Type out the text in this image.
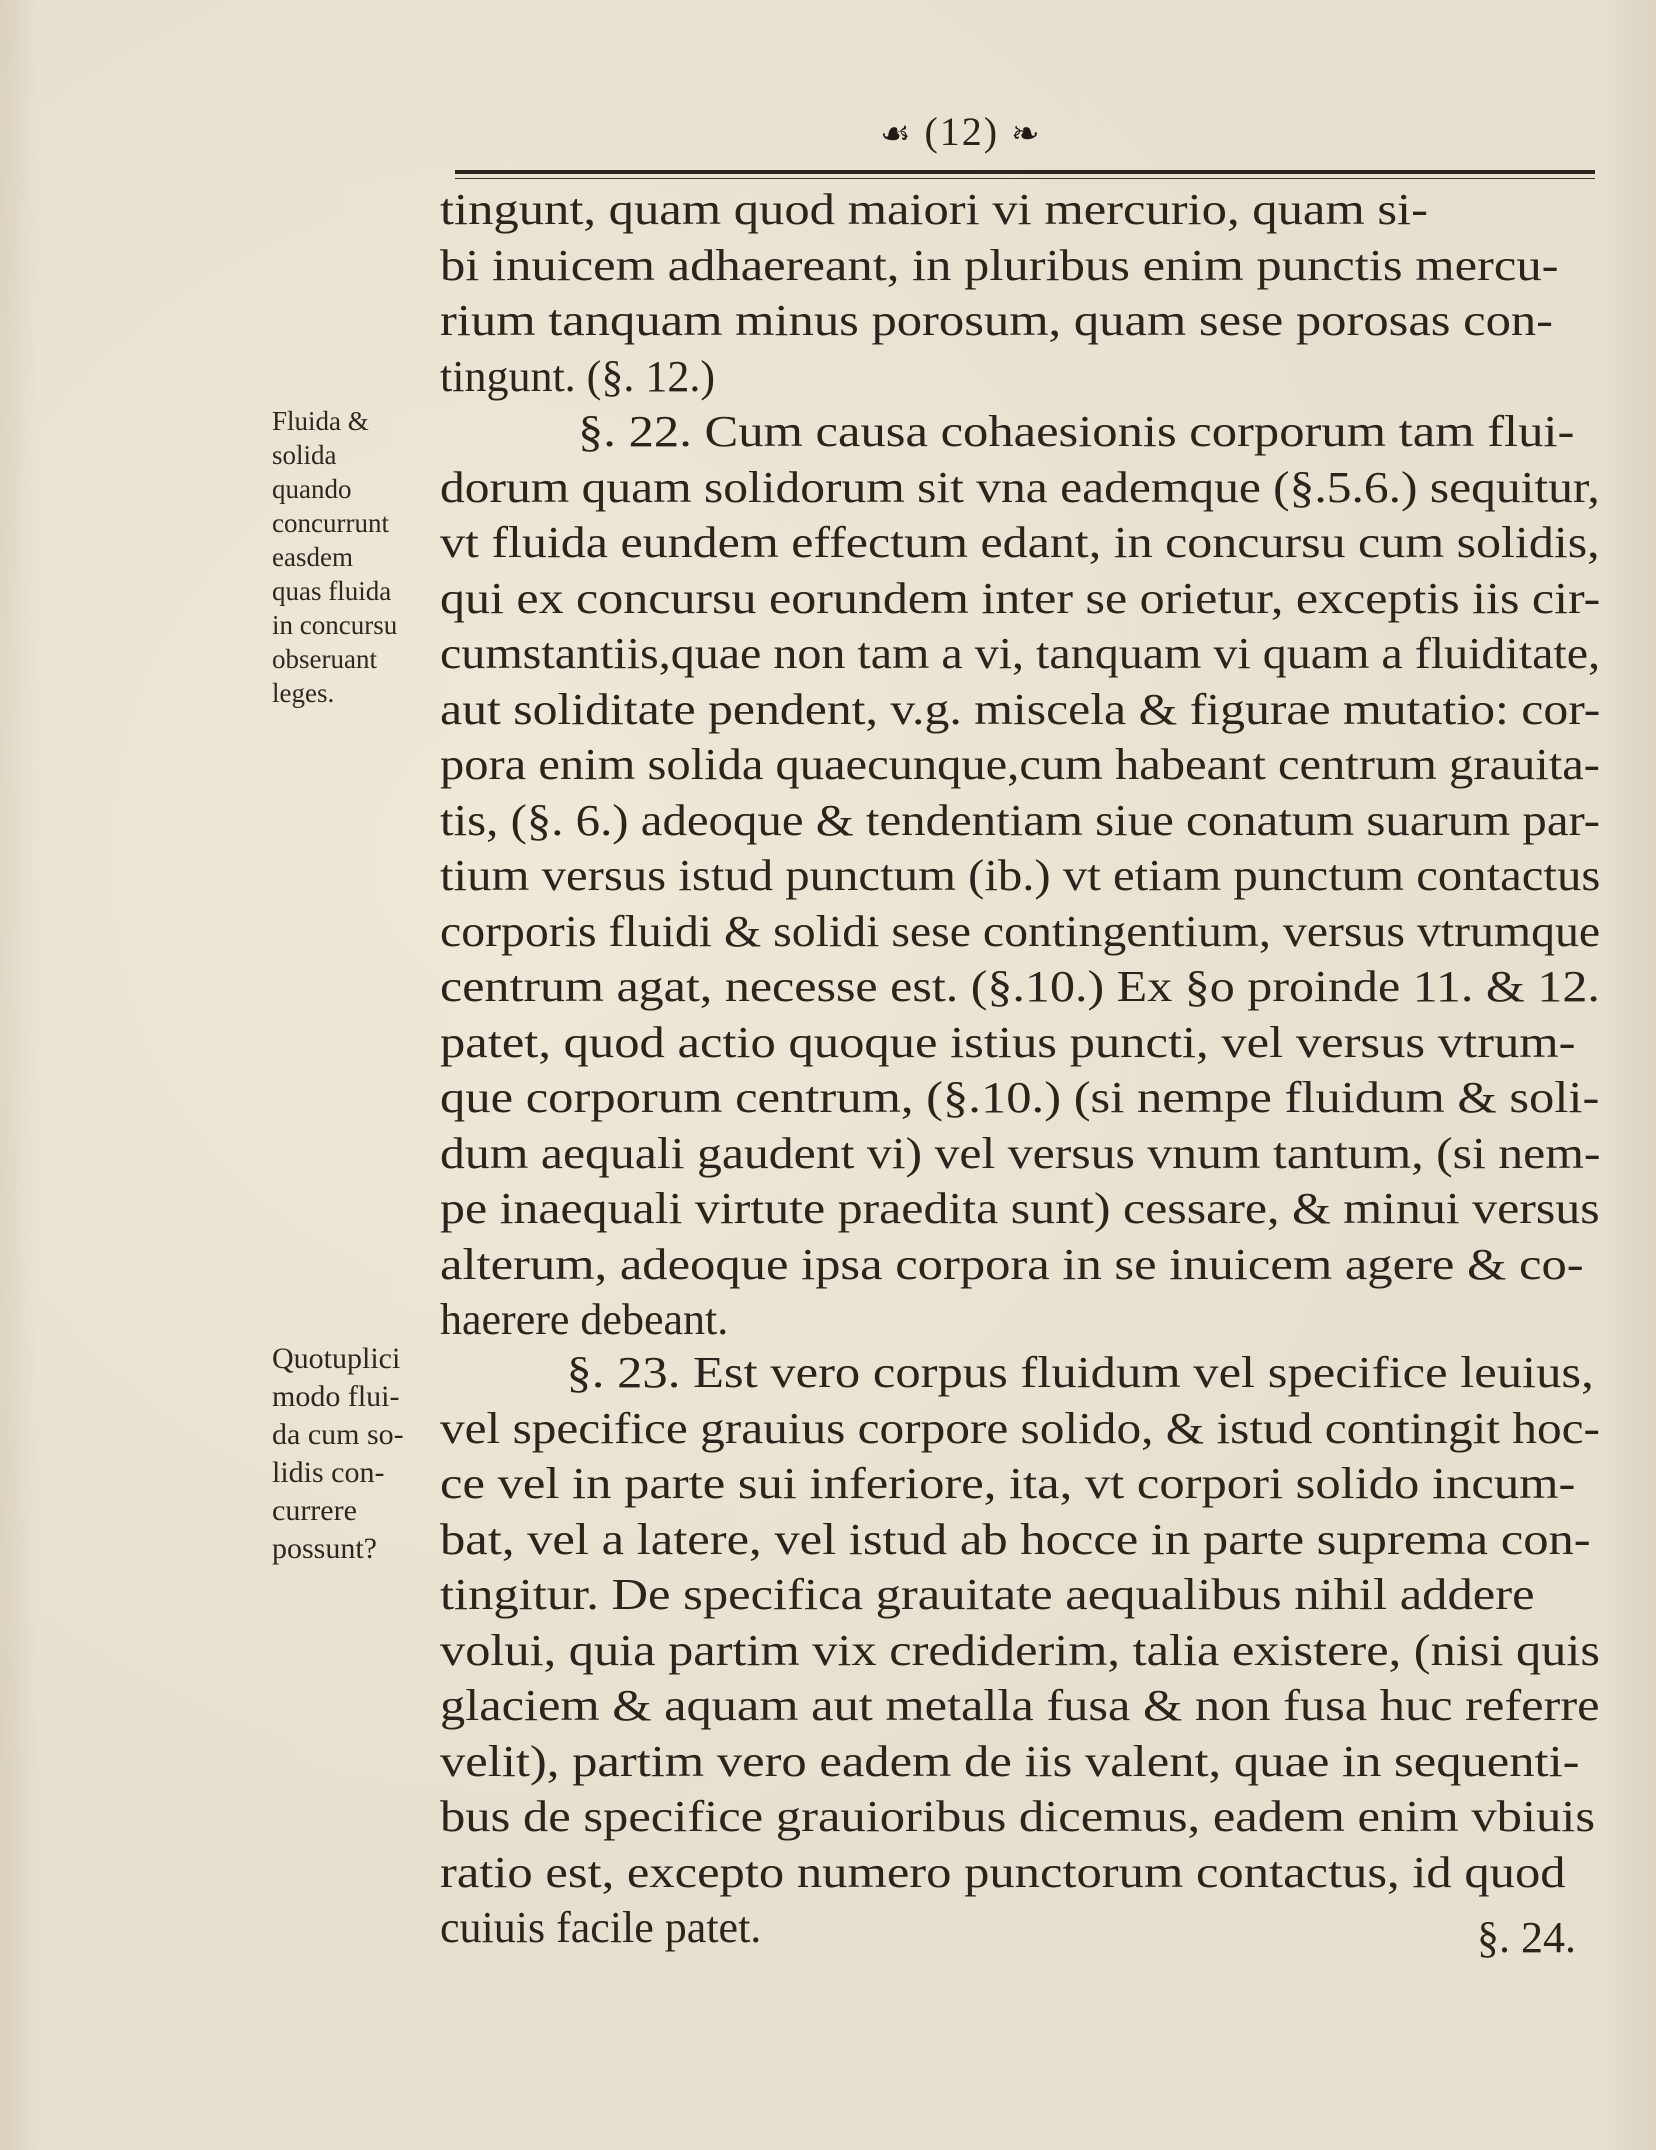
☙ (12) ❧
tingunt, quam quod maiori vi mercurio, quam si-
bi inuicem adhaereant, in pluribus enim punctis mercu-
rium tanquam minus porosum, quam sese porosas con-
tingunt. (§. 12.)
§. 22. Cum causa cohaesionis corporum tam flui-
dorum quam solidorum sit vna eademque (§.5.6.) sequitur,
vt fluida eundem effectum edant, in concursu cum solidis,
qui ex concursu eorundem inter se orietur, exceptis iis cir-
cumstantiis,quae non tam a vi, tanquam vi quam a fluiditate,
aut soliditate pendent, v.g. miscela & figurae mutatio: cor-
pora enim solida quaecunque,cum habeant centrum grauita-
tis, (§. 6.) adeoque & tendentiam siue conatum suarum par-
tium versus istud punctum (ib.) vt etiam punctum contactus
corporis fluidi & solidi sese contingentium, versus vtrumque
centrum agat, necesse est. (§.10.) Ex §o proinde 11. & 12.
patet, quod actio quoque istius puncti, vel versus vtrum-
que corporum centrum, (§.10.) (si nempe fluidum & soli-
dum aequali gaudent vi) vel versus vnum tantum, (si nem-
pe inaequali virtute praedita sunt) cessare, & minui versus
alterum, adeoque ipsa corpora in se inuicem agere & co-
haerere debeant.
§. 23. Est vero corpus fluidum vel specifice leuius,
vel specifice grauius corpore solido, & istud contingit hoc-
ce vel in parte sui inferiore, ita, vt corpori solido incum-
bat, vel a latere, vel istud ab hocce in parte suprema con-
tingitur. De specifica grauitate aequalibus nihil addere
volui, quia partim vix crediderim, talia existere, (nisi quis
glaciem & aquam aut metalla fusa & non fusa huc referre
velit), partim vero eadem de iis valent, quae in sequenti-
bus de specifice grauioribus dicemus, eadem enim vbiuis
ratio est, excepto numero punctorum contactus, id quod
cuiuis facile patet.
Fluida &
solida
quando
concurrunt
easdem
quas fluida
in concursu
obseruant
leges.
Quotuplici
modo flui-
da cum so-
lidis con-
currere
possunt?
§. 24.
